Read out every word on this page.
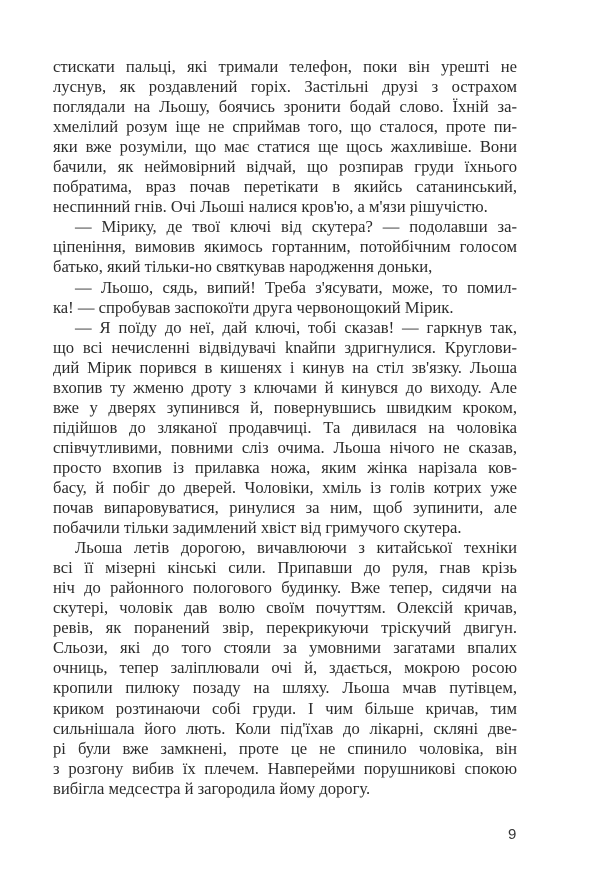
стискати пальці, які тримали телефон, поки він урешті не
луснув, як роздавлений горіх. Застільні друзі з острахом
поглядали на Льошу, боячись зронити бодай слово. Їхній за-
хмелілий розум іще не сприймав того, що сталося, проте пи-
яки вже розуміли, що має статися ще щось жахливіше. Вони
бачили, як неймовірний відчай, що розпирав груди їхнього
побратима, враз почав перетікати в якийсь сатанинський,
неспинний гнів. Очі Льоші налися кров'ю, а м'язи рішучістю.
— Мірику, де твої ключі від скутера? — подолавши за-
ціпеніння, вимовив якимось гортанним, потойбічним голосом
батько, який тільки-но святкував народження доньки,
— Льошо, сядь, випий! Треба з'ясувати, може, то помил-
ка! — спробував заспокоїти друга червонощокий Мірик.
— Я поїду до неї, дай ключі, тобі сказав! — гаркнув так,
що всі нечисленні відвідувачі knaйпи здригнулися. Круглови-
дий Мірик порився в кишенях і кинув на стіл зв'язку. Льоша
вхопив ту жменю дроту з ключами й кинувся до виходу. Але
вже у дверях зупинився й, повернувшись швидким кроком,
підійшов до зляканої продавчиці. Та дивилася на чоловіка
співчутливими, повними сліз очима. Льоша нічого не сказав,
просто вхопив із прилавка ножа, яким жінка нарізала ков-
басу, й побіг до дверей. Чоловіки, хміль із голів котрих уже
почав випаровуватися, ринулися за ним, щоб зупинити, але
побачили тільки задимлений хвіст від гримучого скутера.
Льоша летів дорогою, вичавлюючи з китайської техніки
всі її мізерні кінські сили. Припавши до руля, гнав крізь
ніч до районного пологового будинку. Вже тепер, сидячи на
скутері, чоловік дав волю своїм почуттям. Олексій кричав,
ревів, як поранений звір, перекрикуючи тріскучий двигун.
Сльози, які до того стояли за умовними загатами впалих
очниць, тепер заліплювали очі й, здається, мокрою росою
кропили пилюку позаду на шляху. Льоша мчав путівцем,
криком розтинаючи собі груди. І чим більше кричав, тим
сильнішала його лють. Коли під'їхав до лікарні, скляні две-
рі були вже замкнені, проте це не спинило чоловіка, він
з розгону вибив їх плечем. Навперейми порушникові спокою
вибігла медсестра й загородила йому дорогу.
9
